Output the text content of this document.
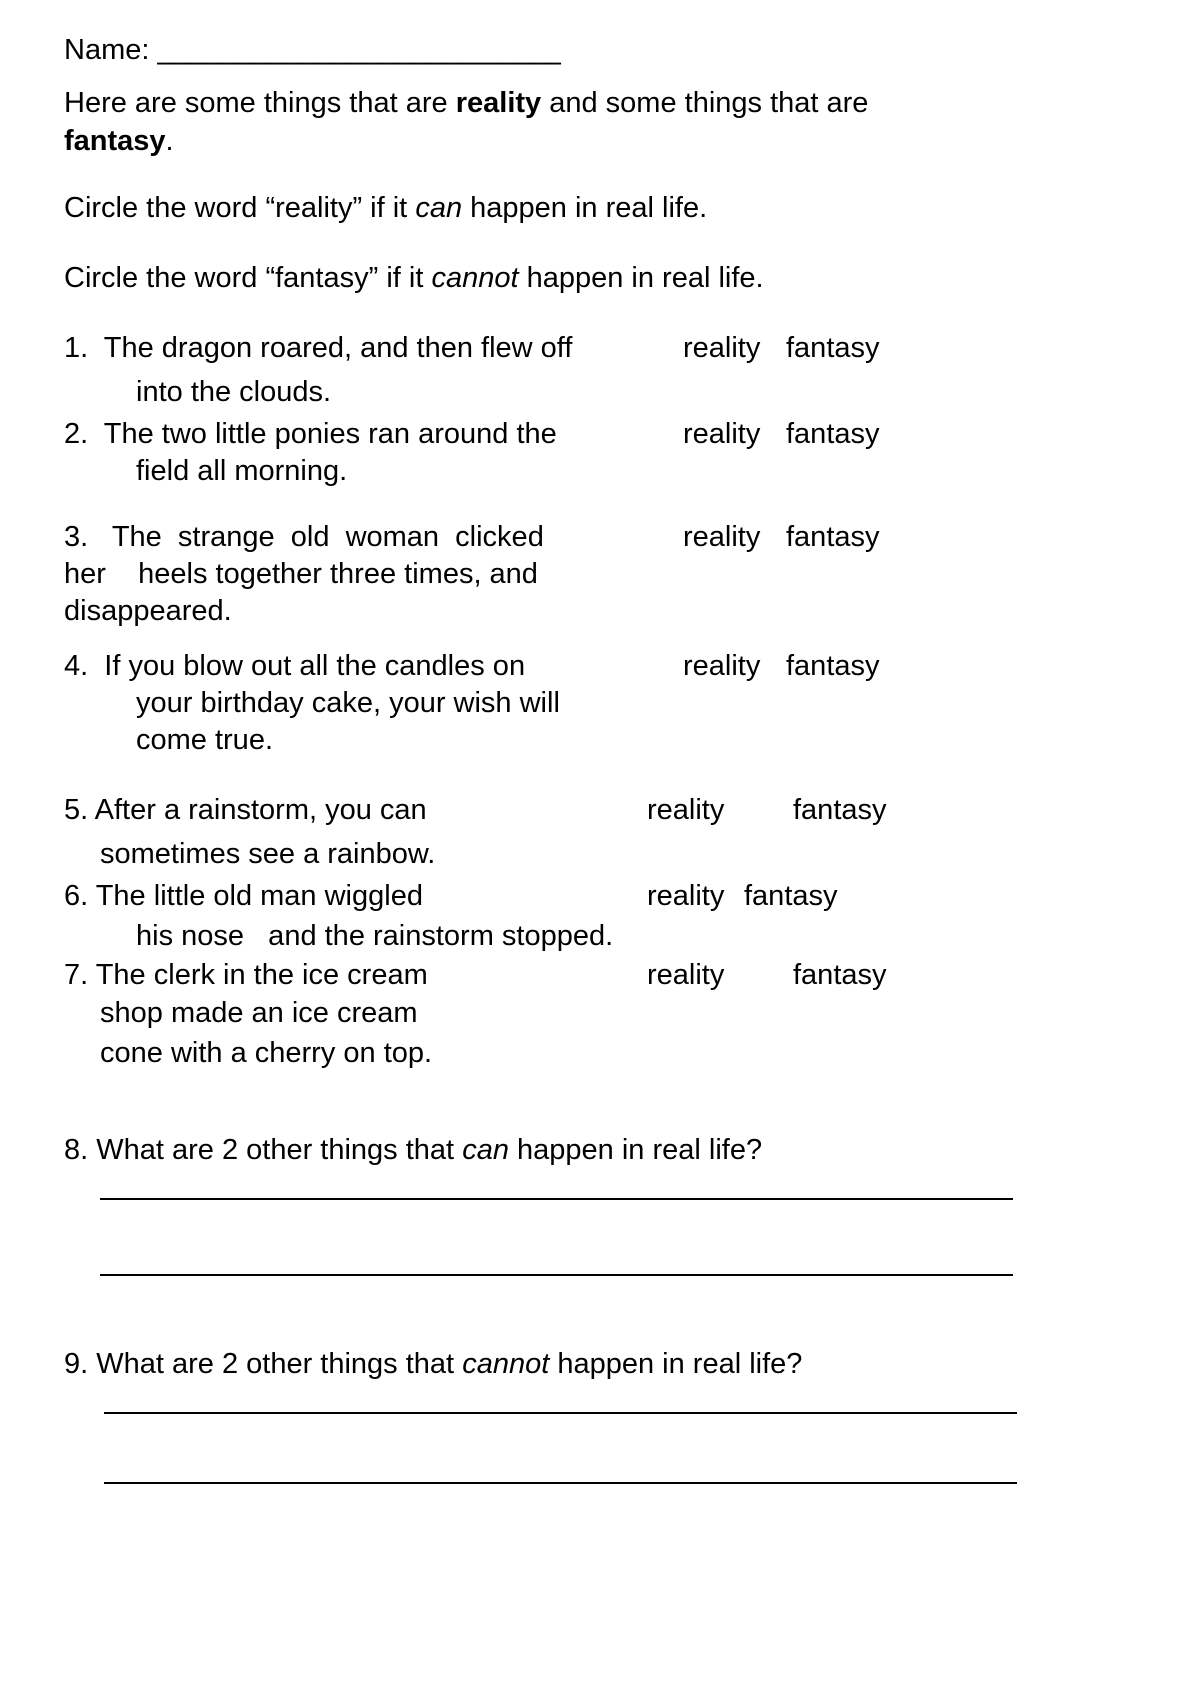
Name: _________________________
Here are some things that are reality and some things that are
fantasy.
Circle the word “reality” if it can happen in real life.
Circle the word “fantasy” if it cannot happen in real life.
1.  The dragon roared, and then flew off
into the clouds.
reality fantasy
2.  The two little ponies ran around the
field all morning.
reality fantasy
3.   The  strange  old  woman  clicked
her    heels together three times, and
disappeared.
reality fantasy
4.  If you blow out all the candles on
your birthday cake, your wish will
come true.
reality fantasy
5. After a rainstorm, you can
sometimes see a rainbow.
reality fantasy
6. The little old man wiggled
his nose   and the rainstorm stopped.
reality fantasy
7. The clerk in the ice cream
shop made an ice cream
cone with a cherry on top.
reality fantasy
8. What are 2 other things that can happen in real life?
9. What are 2 other things that cannot happen in real life?
